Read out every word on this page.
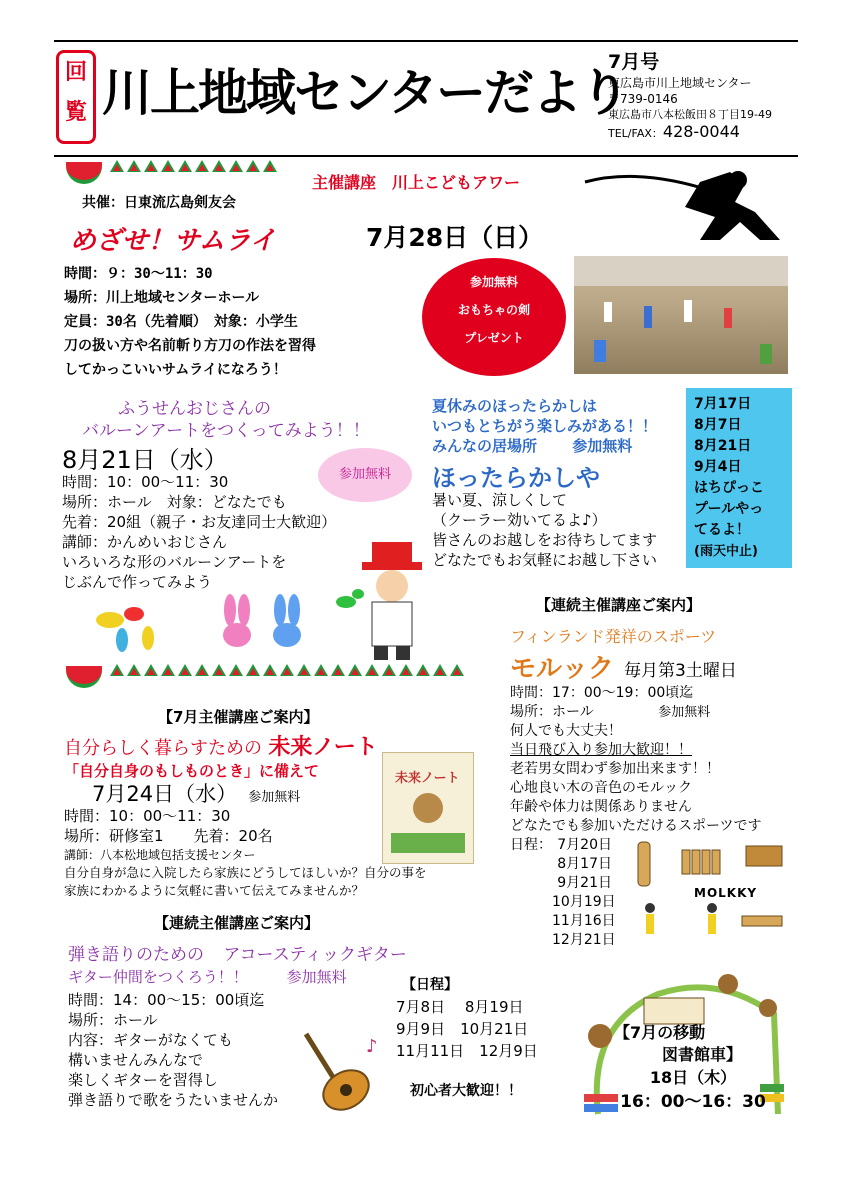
回
覧 川上地域センターだより
7月号
東広島市川上地域センター
〒739-0146
東広島市八本松飯田８丁目19-49
TEL/FAX：428-0044
主催講座　川上こどもアワー
共催：日東流広島剣友会
めざせ！サムライ	7月28日（日）
時間：９：30〜11：30
場所：川上地域センターホール
定員：30名（先着順）　対象：小学生
刀の扱い方や名前斬り方刀の作法を習得
してかっこいいサムライになろう！
参加無料
おもちゃの剣
プレゼント
ふうせんおじさんの
バルーンアートをつくってみよう！！
8月21日（水）
参加無料
時間：10：00〜11：30
場所：ホール　対象：どなたでも
先着：20組（親子・お友達同士大歓迎）
講師：かんめいおじさん
いろいろな形のバルーンアートを
じぶんで作ってみよう
夏休みのほったらかしは
いつもとちがう楽しみがある！！
みんなの居場所 参加無料
ほったらかしや
暑い夏、涼しくして
（クーラー効いてるよ♪）
皆さんのお越しをお待ちしてます
どなたでもお気軽にお越し下さい
7月17日
8月7日
8月21日
9月4日
はちぴっこ
プールやっ
てるよ！
(雨天中止)
【連続主催講座ご案内】
フィンランド発祥のスポーツ
モルック 毎月第3土曜日
時間：17：00〜19：00頃迄
場所：ホール	参加無料
何人でも大丈夫！
当日飛び入り参加大歓迎！！
老若男女問わず参加出来ます！！
心地良い木の音色のモルック
年齢や体力は関係ありません
どなたでも参加いただけるスポーツです
日程： 7月20日
8月17日
9月21日
10月19日
11月16日
12月21日
MOLKKY
【7月主催講座ご案内】
自分らしく暮らすための 未来ノート
「自分自身のもしものとき」に備えて
7月24日（水） 参加無料
時間：10：00〜11：30
場所：研修室1　　先着：20名
講師：八本松地域包括支援センター
自分自身が急に入院したら家族にどうしてほしいか？自分の事を
家族にわかるように気軽に書いて伝えてみませんか？
未来ノート
【連続主催講座ご案内】
弾き語りのための アコースティックギター
ギター仲間をつくろう！！	参加無料
時間：14：00〜15：00頃迄
場所：ホール
内容：ギターがなくても
構いませんみんなで
楽しくギターを習得し
弾き語りで歌をうたいませんか
♪
【日程】
7月8日　 8月19日
9月9日　10月21日
11月11日　12月9日
初心者大歓迎！！
【7月の移動
図書館車】
18日（木）
16：00〜16：30
